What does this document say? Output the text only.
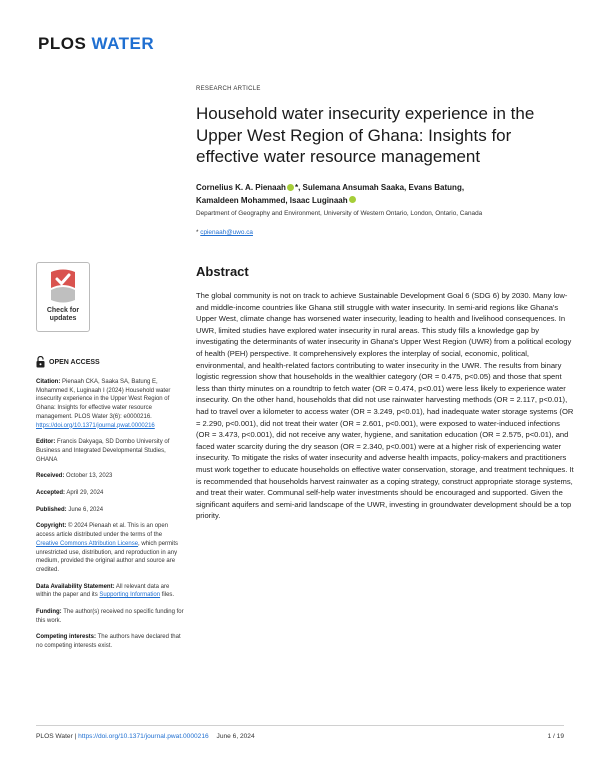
PLOS WATER
Check for
updates
OPEN ACCESS
Citation: Pienaah CKA, Saaka SA, Batung E, Mohammed K, Luginaah I (2024) Household water insecurity experience in the Upper West Region of Ghana: Insights for effective water resource management. PLOS Water 3(6): e0000216. https://doi.org/10.1371/journal.pwat.0000216
Editor: Francis Dakyaga, SD Dombo University of Business and Integrated Developmental Studies, GHANA
Received: October 13, 2023
Accepted: April 29, 2024
Published: June 6, 2024
Copyright: © 2024 Pienaah et al. This is an open access article distributed under the terms of the Creative Commons Attribution License, which permits unrestricted use, distribution, and reproduction in any medium, provided the original author and source are credited.
Data Availability Statement: All relevant data are within the paper and its Supporting Information files.
Funding: The author(s) received no specific funding for this work.
Competing interests: The authors have declared that no competing interests exist.
RESEARCH ARTICLE
Household water insecurity experience in the Upper West Region of Ghana: Insights for effective water resource management
Cornelius K. A. Pienaah *, Sulemana Ansumah Saaka, Evans Batung,
Kamaldeen Mohammed, Isaac Luginaah
Department of Geography and Environment, University of Western Ontario, London, Ontario, Canada
* cpienaah@uwo.ca
Abstract

The global community is not on track to achieve Sustainable Development Goal 6 (SDG 6) by 2030. Many low- and middle-income countries like Ghana still struggle with water insecurity. In semi-arid regions like Ghana's Upper West, climate change has worsened water insecurity, leading to health and livelihood consequences. In UWR, limited studies have explored water insecurity in rural areas. This study fills a knowledge gap by investigating the determinants of water insecurity in Ghana's Upper West Region (UWR) from a political ecology of health (PEH) perspective. It comprehensively explores the interplay of social, economic, political, environmental, and health-related factors contributing to water insecurity in the UWR. The results from binary logistic regression show that households in the wealthier category (OR = 0.475, p<0.05) and those that spent less than thirty minutes on a roundtrip to fetch water (OR = 0.474, p<0.01) were less likely to experience water insecurity. On the other hand, households that did not use rainwater harvesting methods (OR = 2.117, p<0.01), had to travel over a kilometer to access water (OR = 3.249, p<0.01), had inadequate water storage systems (OR = 2.290, p<0.001), did not treat their water (OR = 2.601, p<0.001), were exposed to water-induced infections (OR = 3.473, p<0.001), did not receive any water, hygiene, and sanitation education (OR = 2.575, p<0.01), and faced water scarcity during the dry season (OR = 2.340, p<0.001) were at a higher risk of experiencing water insecurity. To mitigate the risks of water insecurity and adverse health impacts, policy-makers and practitioners must work together to educate households on effective water conservation, storage, and treatment techniques. It is recommended that households harvest rainwater as a coping strategy, construct appropriate storage systems, and treat their water. Communal self-help water investments should be encouraged and supported. Given the significant aquifers and semi-arid landscape of the UWR, investing in groundwater development should be a top priority.

PLOS Water | https://doi.org/10.1371/journal.pwat.0000216 June 6, 2024	1 / 19
